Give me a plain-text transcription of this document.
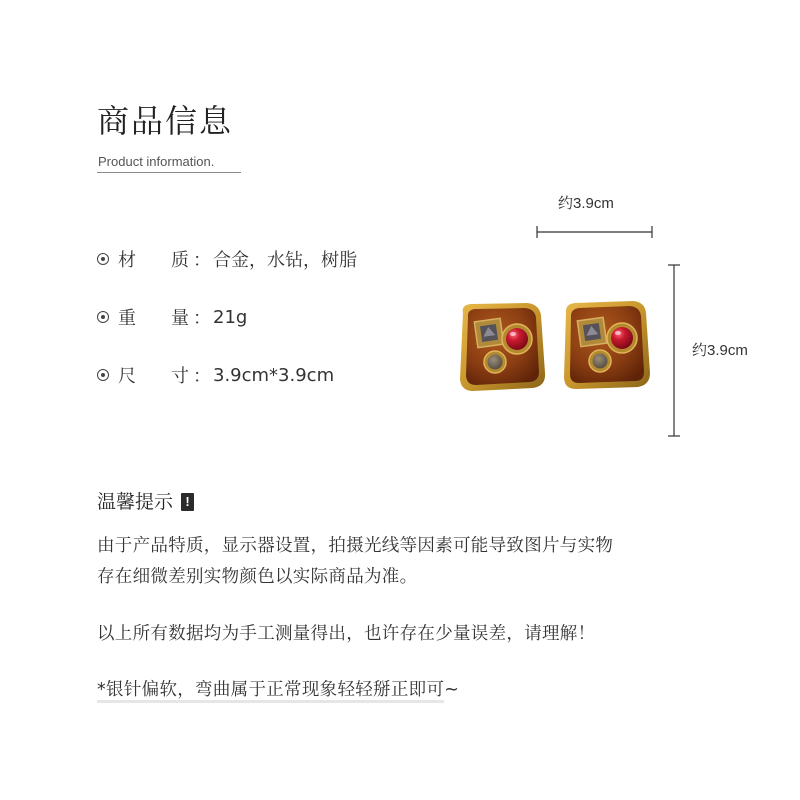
商品信息
Product information.
材	质 ： 合金，水钻，树脂
重	量 ： 21g
尺	寸 ： 3.9cm*3.9cm
约3.9cm
约3.9cm
温馨提示 !
由于产品特质，显示器设置，拍摄光线等因素可能导致图片与实物
存在细微差别实物颜色以实际商品为准。
以上所有数据均为手工测量得出，也许存在少量误差，请理解！
*银针偏软，弯曲属于正常现象轻轻掰正即可~
